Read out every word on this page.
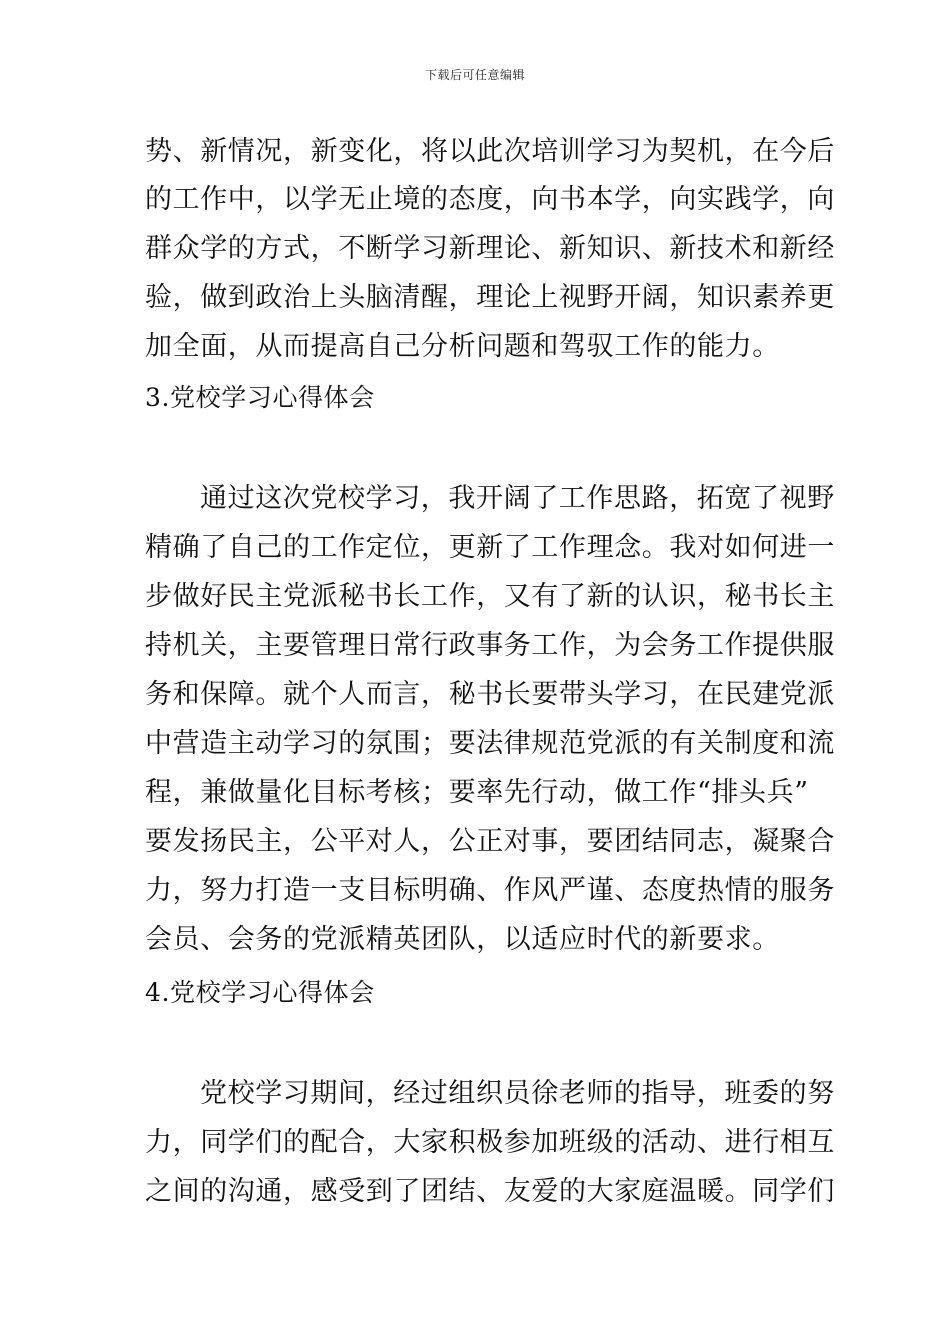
下载后可任意编辑
势、新情况，新变化，将以此次培训学习为契机，在今后
的工作中，以学无止境的态度，向书本学，向实践学，向
群众学的方式，不断学习新理论、新知识、新技术和新经
验，做到政治上头脑清醒，理论上视野开阔，知识素养更
加全面，从而提高自己分析问题和驾驭工作的能力。
3.党校学习心得体会
通过这次党校学习，我开阔了工作思路，拓宽了视野
精确了自己的工作定位，更新了工作理念。我对如何进一
步做好民主党派秘书长工作，又有了新的认识，秘书长主
持机关，主要管理日常行政事务工作，为会务工作提供服
务和保障。就个人而言，秘书长要带头学习，在民建党派
中营造主动学习的氛围；要法律规范党派的有关制度和流
程，兼做量化目标考核；要率先行动，做工作“排头兵”
要发扬民主，公平对人，公正对事，要团结同志，凝聚合
力，努力打造一支目标明确、作风严谨、态度热情的服务
会员、会务的党派精英团队，以适应时代的新要求。
4.党校学习心得体会
党校学习期间，经过组织员徐老师的指导，班委的努
力，同学们的配合，大家积极参加班级的活动、进行相互
之间的沟通，感受到了团结、友爱的大家庭温暖。同学们
